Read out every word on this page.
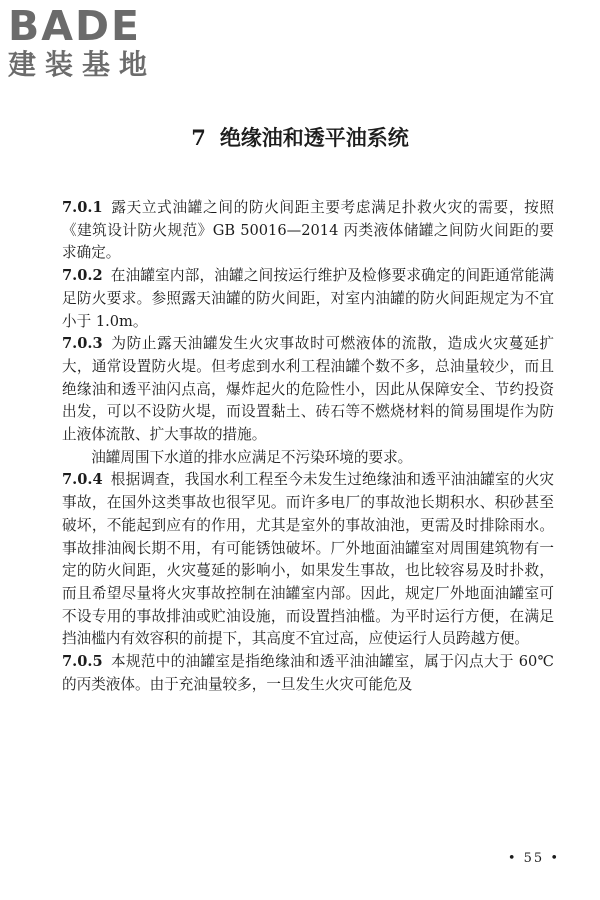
BADE
建装基地
7 绝缘油和透平油系统

7.0.1 露天立式油罐之间的防火间距主要考虑满足扑救火灾的需要，按照《建筑设计防火规范》GB 50016—2014 丙类液体储罐之间防火间距的要求确定。

7.0.2 在油罐室内部，油罐之间按运行维护及检修要求确定的间距通常能满足防火要求。参照露天油罐的防火间距，对室内油罐的防火间距规定为不宜小于 1.0m。

7.0.3 为防止露天油罐发生火灾事故时可燃液体的流散，造成火灾蔓延扩大，通常设置防火堤。但考虑到水利工程油罐个数不多，总油量较少，而且绝缘油和透平油闪点高，爆炸起火的危险性小，因此从保障安全、节约投资出发，可以不设防火堤，而设置黏土、砖石等不燃烧材料的简易围堤作为防止液体流散、扩大事故的措施。

油罐周围下水道的排水应满足不污染环境的要求。

7.0.4 根据调查，我国水利工程至今未发生过绝缘油和透平油油罐室的火灾事故，在国外这类事故也很罕见。而许多电厂的事故池长期积水、积砂甚至破坏，不能起到应有的作用，尤其是室外的事故油池，更需及时排除雨水。事故排油阀长期不用，有可能锈蚀破坏。厂外地面油罐室对周围建筑物有一定的防火间距，火灾蔓延的影响小，如果发生事故，也比较容易及时扑救，而且希望尽量将火灾事故控制在油罐室内部。因此，规定厂外地面油罐室可不设专用的事故排油或贮油设施，而设置挡油槛。为平时运行方便，在满足挡油槛内有效容积的前提下，其高度不宜过高，应使运行人员跨越方便。

7.0.5 本规范中的油罐室是指绝缘油和透平油油罐室，属于闪点大于 60℃的丙类液体。由于充油量较多，一旦发生火灾可能危及

• 55 •
